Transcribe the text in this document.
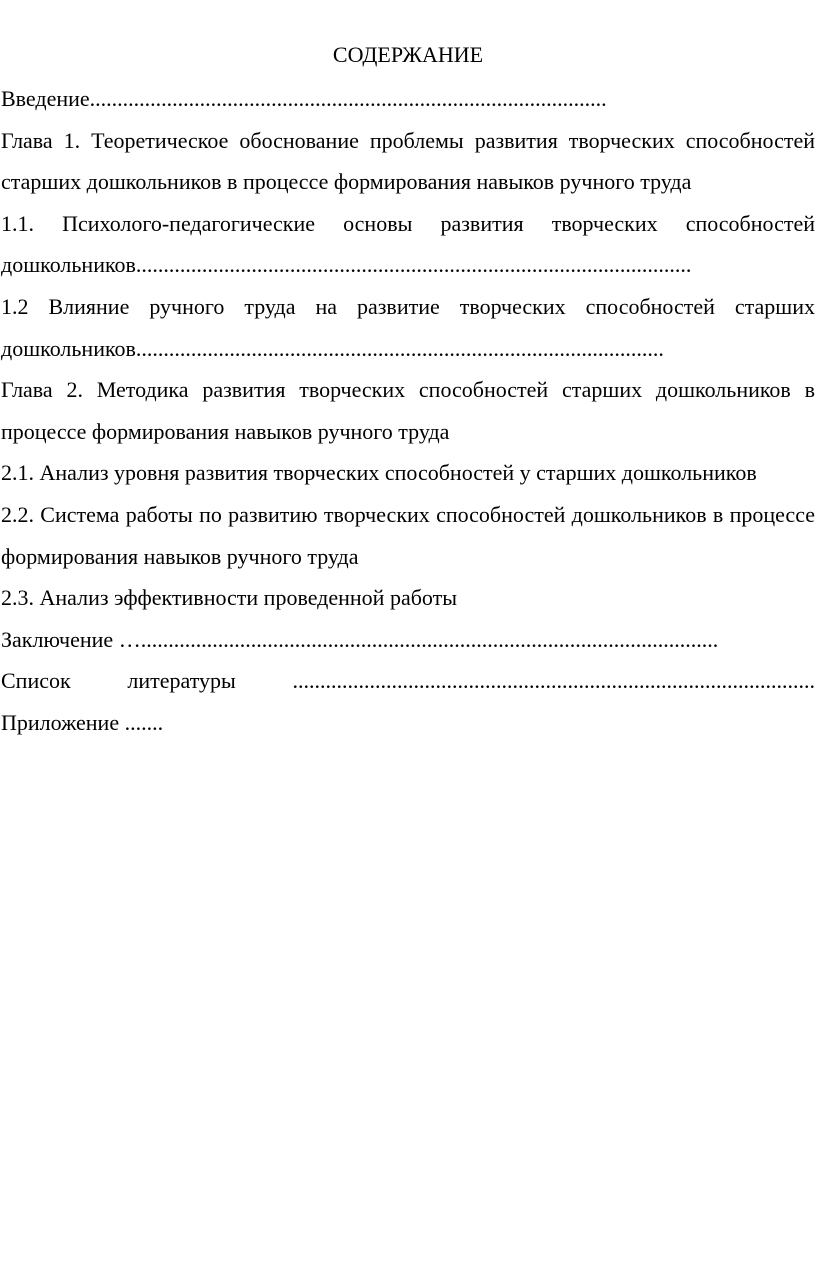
СОДЕРЖАНИЕ
Введение..............................................................................................
Глава 1. Теоретическое обоснование проблемы развития творческих способностей старших дошкольников в процессе формирования навыков ручного труда
1.1. Психолого-педагогические основы развития творческих способностей дошкольников.....................................................................................................
1.2 Влияние ручного труда на развитие творческих способностей старших дошкольников................................................................................................
Глава 2. Методика развития творческих способностей старших дошкольников в процессе формирования навыков ручного труда
2.1. Анализ уровня развития творческих способностей у старших дошкольников
2.2. Система работы по развитию творческих способностей дошкольников в процессе формирования навыков ручного труда
2.3. Анализ эффективности проведенной работы
Заключение ….........................................................................................................
Список литературы ...............................................................................................
Приложение .......
